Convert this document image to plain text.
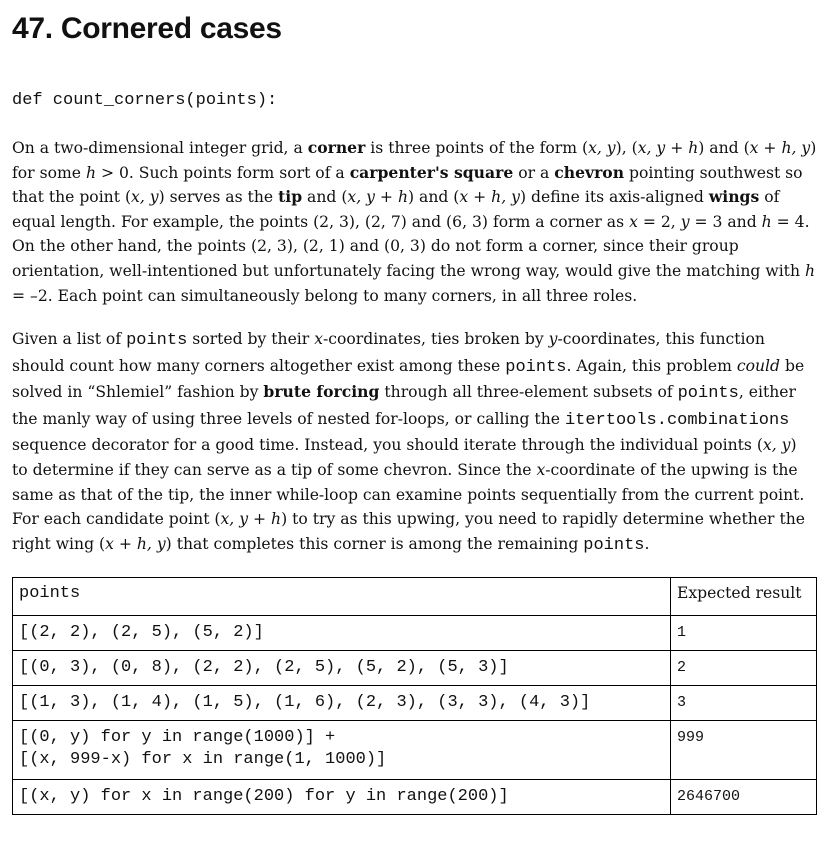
47. Cornered cases
def count_corners(points):

On a two-dimensional integer grid, a corner is three points of the form (x, y), (x, y + h) and (x + h, y) for some h > 0. Such points form sort of a carpenter's square or a chevron pointing southwest so that the point (x, y) serves as the tip and (x, y + h) and (x + h, y) define its axis-aligned wings of equal length. For example, the points (2, 3), (2, 7) and (6, 3) form a corner as x = 2, y = 3 and h = 4. On the other hand, the points (2, 3), (2, 1) and (0, 3) do not form a corner, since their group orientation, well-intentioned but unfortunately facing the wrong way, would give the matching with h = –2. Each point can simultaneously belong to many corners, in all three roles.

Given a list of points sorted by their x-coordinates, ties broken by y-coordinates, this function should count how many corners altogether exist among these points. Again, this problem could be solved in “Shlemiel” fashion by brute forcing through all three-element subsets of points, either the manly way of using three levels of nested for-loops, or calling the itertools.combinations sequence decorator for a good time. Instead, you should iterate through the individual points (x, y) to determine if they can serve as a tip of some chevron. Since the x-coordinate of the upwing is the same as that of the tip, the inner while-loop can examine points sequentially from the current point. For each candidate point (x, y + h) to try as this upwing, you need to rapidly determine whether the right wing (x + h, y) that completes this corner is among the remaining points.

points	Expected result
[(2, 2), (2, 5), (5, 2)]	1
[(0, 3), (0, 8), (2, 2), (2, 5), (5, 2), (5, 3)]	2
[(1, 3), (1, 4), (1, 5), (1, 6), (2, 3), (3, 3), (4, 3)]	3
[(0, y) for y in range(1000)] +
[(x, 999-x) for x in range(1, 1000)]	999
[(x, y) for x in range(200) for y in range(200)]	2646700
